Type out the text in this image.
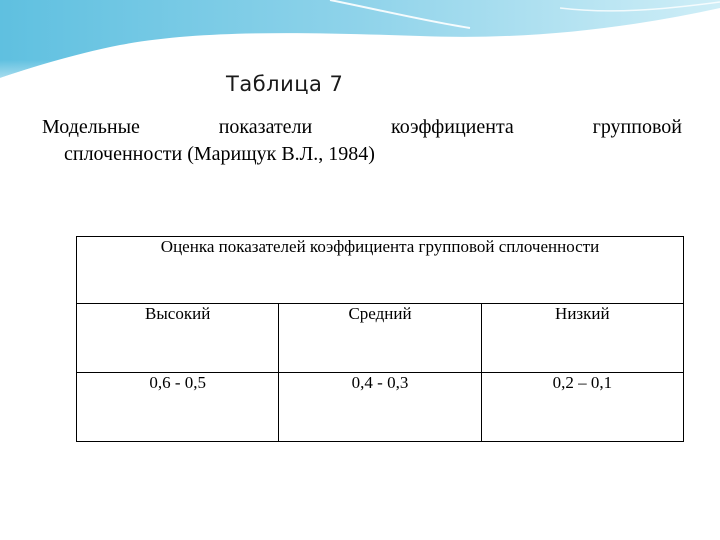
Таблица 7
Модельные	показатели	коэффициента	групповой
сплоченности (Марищук В.Л., 1984)
Оценка показателей коэффициента групповой сплоченности		
Высокий	Средний	Низкий
0,6 - 0,5	0,4 - 0,3	0,2 – 0,1
